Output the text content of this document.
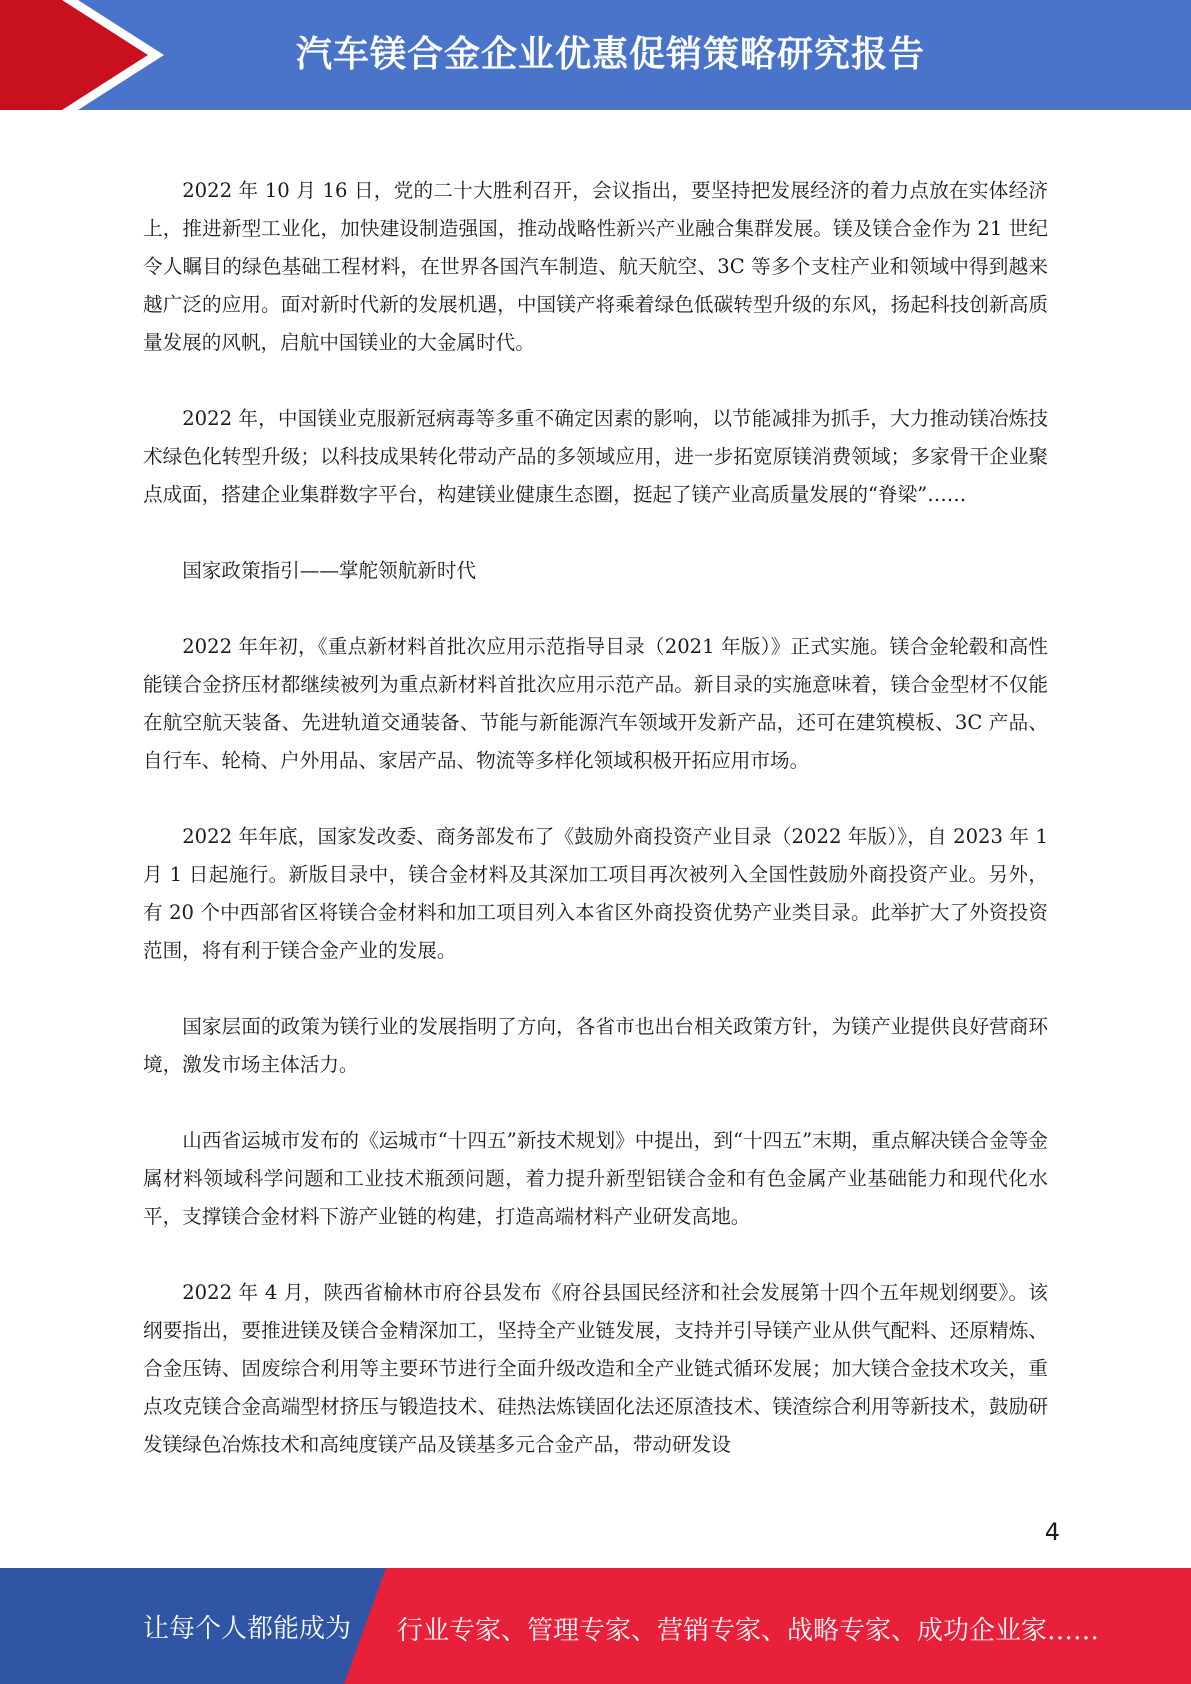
汽车镁合金企业优惠促销策略研究报告

2022 年 10 月 16 日，党的二十大胜利召开，会议指出，要坚持把发展经济的着力点放在实体经济上，推进新型工业化，加快建设制造强国，推动战略性新兴产业融合集群发展。镁及镁合金作为 21 世纪令人瞩目的绿色基础工程材料，在世界各国汽车制造、航天航空、3C 等多个支柱产业和领域中得到越来越广泛的应用。面对新时代新的发展机遇，中国镁产将乘着绿色低碳转型升级的东风，扬起科技创新高质量发展的风帆，启航中国镁业的大金属时代。

2022 年，中国镁业克服新冠病毒等多重不确定因素的影响，以节能减排为抓手，大力推动镁冶炼技术绿色化转型升级；以科技成果转化带动产品的多领域应用，进一步拓宽原镁消费领域；多家骨干企业聚点成面，搭建企业集群数字平台，构建镁业健康生态圈，挺起了镁产业高质量发展的“脊梁”……

国家政策指引——掌舵领航新时代

2022 年年初，《重点新材料首批次应用示范指导目录（2021 年版）》正式实施。镁合金轮毂和高性能镁合金挤压材都继续被列为重点新材料首批次应用示范产品。新目录的实施意味着，镁合金型材不仅能在航空航天装备、先进轨道交通装备、节能与新能源汽车领域开发新产品，还可在建筑模板、3C 产品、自行车、轮椅、户外用品、家居产品、物流等多样化领域积极开拓应用市场。

2022 年年底，国家发改委、商务部发布了《鼓励外商投资产业目录（2022 年版）》，自 2023 年 1 月 1 日起施行。新版目录中，镁合金材料及其深加工项目再次被列入全国性鼓励外商投资产业。另外，有 20 个中西部省区将镁合金材料和加工项目列入本省区外商投资优势产业类目录。此举扩大了外资投资范围，将有利于镁合金产业的发展。

国家层面的政策为镁行业的发展指明了方向，各省市也出台相关政策方针，为镁产业提供良好营商环境，激发市场主体活力。

山西省运城市发布的《运城市“十四五”新技术规划》中提出，到“十四五”末期，重点解决镁合金等金属材料领域科学问题和工业技术瓶颈问题，着力提升新型铝镁合金和有色金属产业基础能力和现代化水平，支撑镁合金材料下游产业链的构建，打造高端材料产业研发高地。

2022 年 4 月，陕西省榆林市府谷县发布《府谷县国民经济和社会发展第十四个五年规划纲要》。该纲要指出，要推进镁及镁合金精深加工，坚持全产业链发展，支持并引导镁产业从供气配料、还原精炼、合金压铸、固废综合利用等主要环节进行全面升级改造和全产业链式循环发展；加大镁合金技术攻关，重点攻克镁合金高端型材挤压与锻造技术、硅热法炼镁固化法还原渣技术、镁渣综合利用等新技术，鼓励研发镁绿色冶炼技术和高纯度镁产品及镁基多元合金产品，带动研发设

4
让每个人都能成为 行业专家、管理专家、营销专家、战略专家、成功企业家……
